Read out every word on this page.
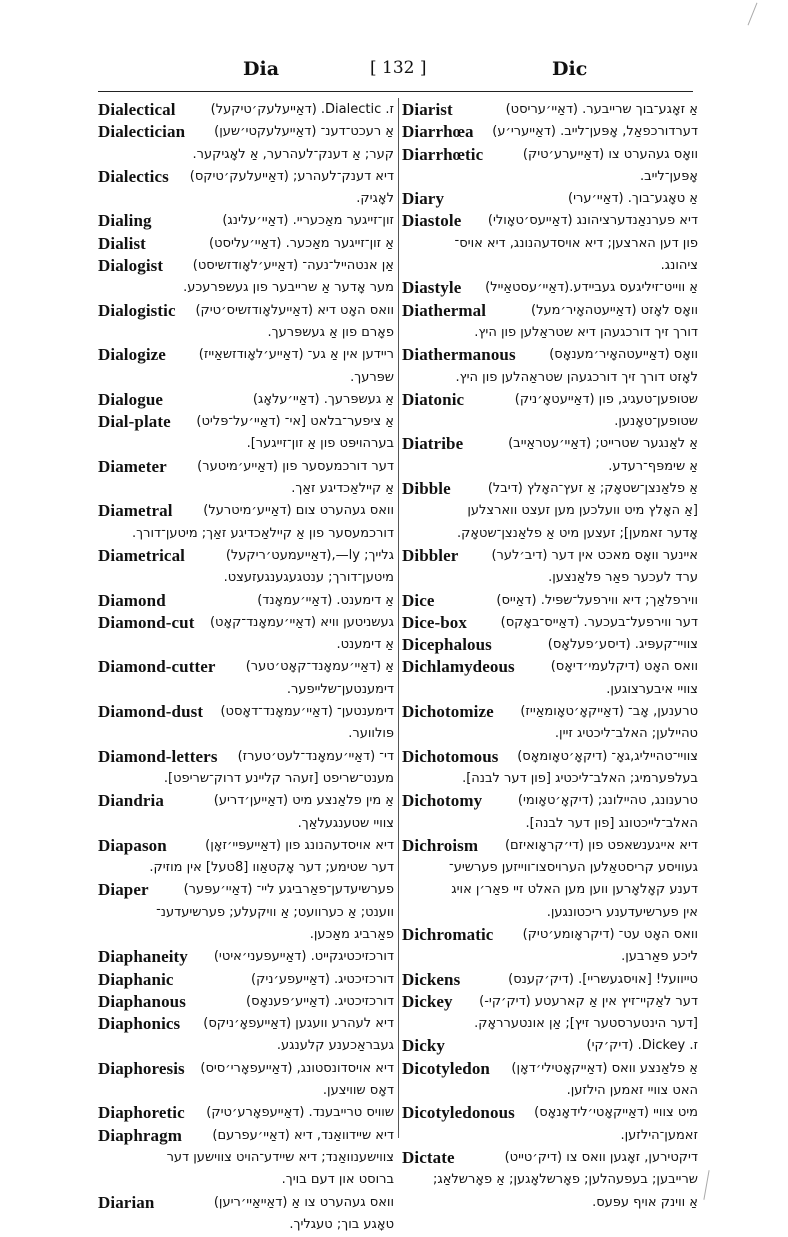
Dia	[ 132 ]	Dic
Dialectical	ז. Dialectic. (דאַייעלעק׳טיקעל)
Dialectician אַ רעכט־דענ־ (דאַייעלעקטי׳שען)
קער; אַ דענק־לעהרער, אַ לאָגיקער.
Dialectics דיא דענק־לעהרע; (דאַייעלעק׳טיקס)
לאָגיק.
Dialing	זון־זייגער מאַכעריי. (דאַיי׳עלינג)
Dialist	אַ זון־זייגער מאַכער. (דאַיי׳עליסט)
Dialogist אַן אנטהייל־נעה־ (דאַייע׳לאָודזשיסט)
מער אָדער אַ שרייבער פון געשפרעכע.
Dialogistic וואס האָט דיא (דאַייעלאָודזשיס׳טיק)
פאָרם פון אַ געשפּרעך.
Dialogize	ריידען אין אַ גע־ (דאַייע׳לאָודזשאַייז)
שפּרעך.
Dialogue	אַ געשפּרעך. (דאַיי׳עלאָג)
Dial-plate אַ ציפער־בלאט [אי־ (דאַיי׳על־פּליט)
בערהויפּט פון אַ זון־זייגער].
Diameter דער דורכמעסער פון (דאַייע׳מיטער)
אַ קיילאַכדיגע זאַך.
Diametral וואס געהערט צום (דאַייע׳מיטרעל)
דורכמעסער פון אַ קיילאַכדיגע זאַך; מיטען־דורך.
Diametrical	גלייך; ly—,(דאַייעמעט׳ריקעל)
מיטען־דורך; ענטגעגענגעזעצט.
Diamond	אַ דימענט. (דאַיי׳עמאָנד)
Diamond-cut געשניטען וויא (דאַיי׳עמאָנד־קאָט)
אַ דימענט.
Diamond-cutter אַ (דאַיי׳עמאָנד־קאָט׳טער)
דימענטען־שלייפער.
Diamond-dust דימענטען־ (דאַיי׳עמאָנד־דאָסט)
פּולווער.
Diamond-letters די־ (דאַיי׳עמאָנד־לעט׳טערז)
מענט־שריפט [זעהר קליינע דרוק־שריפט].
Diandria	אַ מין פלאַנצע מיט (דאַייען׳דריע)
צוויי שטענגעלאַך.
Diapason	דיא אויסדעהנונג פון (דאַייעפּיי׳זאָן)
דער שטימע; דער אָקטאַוו [8טעל] אין מוזיק.
Diaper	פערשיעדען־פאַרביגע ליי־ (דאַיי׳עפּער)
ווענט; אַ כערוועט; אַ וויקעלע; פערשיעדענ־
פאַרביג מאַכען.
Diaphaneity דורכזיכטיגקייט. (דאַייעפעני׳איטי)
Diaphanic	דורכזיכטיג. (דאַייעפע׳ניק)
Diaphanous	דורכזיכטיג. (דאַייע׳פענאָס)
Diaphonics דיא לעהרע וועגען (דאַייעפאָ׳ניקס)
געבראַכענע קלענגע.
Diaphoresis דיא אויסדונסטונג, (דאַייעפאָרי׳סיס)
דאָס שוויצען.
Diaphoretic שוויס טרייבענד. (דאַייעפאָרע׳טיק)
Diaphragm דיא שיידוואַנד, דיא (דאַיי׳עפרעם)
צווישענוואַנד; דיא שיידע־הויט צווישען דער
ברוסט און דעם בויך.
Diarian	וואס געהערט צו אַ (דאַייאַיי׳ריען)
טאָגע בוך; טעגליך.
Diarist	אַ זאָגע־בוך שרייבער. (דאַיי׳עריסט)
Diarrhœa דערדורכפאַל, אָפּען־לייב. (דאַייערי׳ע)
Diarrhœtic	וואָס געהערט צו (דאַייערע׳טיק)
אָפּען־לייב.
Diary	אַ טאָגע־בוך. (דאַיי׳ערי)
Diastole דיא פערנאַנדערציהונג (דאַייעס׳טאָולי)
פון דען הארצען; דיא אויסדעהנונג, דיא אויס־
ציהונג.
Diastyle אַ ווייט־זיליגעס געביידע.(דאַיי׳עסטאַייל)
Diathermal	וואָס לאָזט (דאַייעטהאָיר׳מעל)
דורך זיך דורכגעהן דיא שטראַלען פון היץ.
Diathermanous	וואָס (דאַייעטהאָיר׳מענאָס)
לאָזט דורך זיך דורכגעהן שטראַהלען פון היץ.
Diatonic	שטופען־טעגיג, פון (דאַייעטאָ׳ניק)
שטופען־טאָנען.
Diatribe	אַ לאַנגער שטרייט; (דאַיי׳עטראַייב)
אַ שימפּף־רעדע.
Dibble	אַ פלאַנצן־שטאָק; אַ זעץ־האָלץ (דיבל)
[אַ האָלץ מיט וועלכען מען זעצט ווארצלען
אָדער זאמען]; זעצען מיט אַ פלאַנצן־שטאָק.
Dibbler	איינער וואָס מאכט אין דער (דיב׳לער)
ערד לעכער פאַר פלאַנצען.
Dice	ווירפלאַך; דיא ווירפעל־שפּיל. (דאַייס)
Dice-box	דער ווירפעל־בעכער. (דאַייס־באָקס)
Dicephalous	צוויי־קעפּיג. (דיסע׳פעלאָס)
Dichlamydeous	וואס האָט (דיקלעמי׳דיאָס)
צוויי איבערצוגען.
Dichotomize טרענען, אָב־ (דאַייקאָ׳טאָומאַייז)
טהיילען; האלב־ליכטיג זיין.
Dichotomous צוויי־טהייליג,גאָ־ (דיקאָ׳טאָומאָס)
בעלפּערמיג; האלב־ליכטיג [פון דער לבנה].
Dichotomy	טרענונג, טהיילונג; (דיקאָ׳טאָומי)
האלב־לייכטונג [פון דער לבנה].
Dichroism דיא אייגענשאפט פון (די׳קראָואיזם)
געוויסע קריסטאַלען הערויסצו־ווייזען פערשיע־
דענע קאָלאָרען ווען מען האלט זיי פאַר׳ן אויג
אין פערשיעדענע ריכטונגען.
Dichromatic וואס האָט עט־ (דיקראָומע׳טיק)
ליכע פאַרבען.
Dickens	טייוועל! [אויסגעשריי]. (דיק׳קענס)
Dickey דער לאַקיי־זיץ אין אַ קארעטע (דיק׳קי-)
[דער הינטערסטער זיץ]; אַן אונטערראָק.
Dicky	ז. Dickey. (דיק׳קי)
Dicotyledon אַ פלאַנצע וואס (דאַייקאָטילי׳דאָן)
האט צוויי זאמען הילזען.
Dicotyledonous מיט צוויי (דאַייקאָטי׳לידאָנאָס)
זאמען־הילזען.
Dictate	דיקטירען, זאָגען וואס צו (דיק׳טייט)
שרייבען; בעפעהלען; פאָרשלאָגען; אַ פאָרשלאַג;
אַ ווינק אויף עפּעס.
